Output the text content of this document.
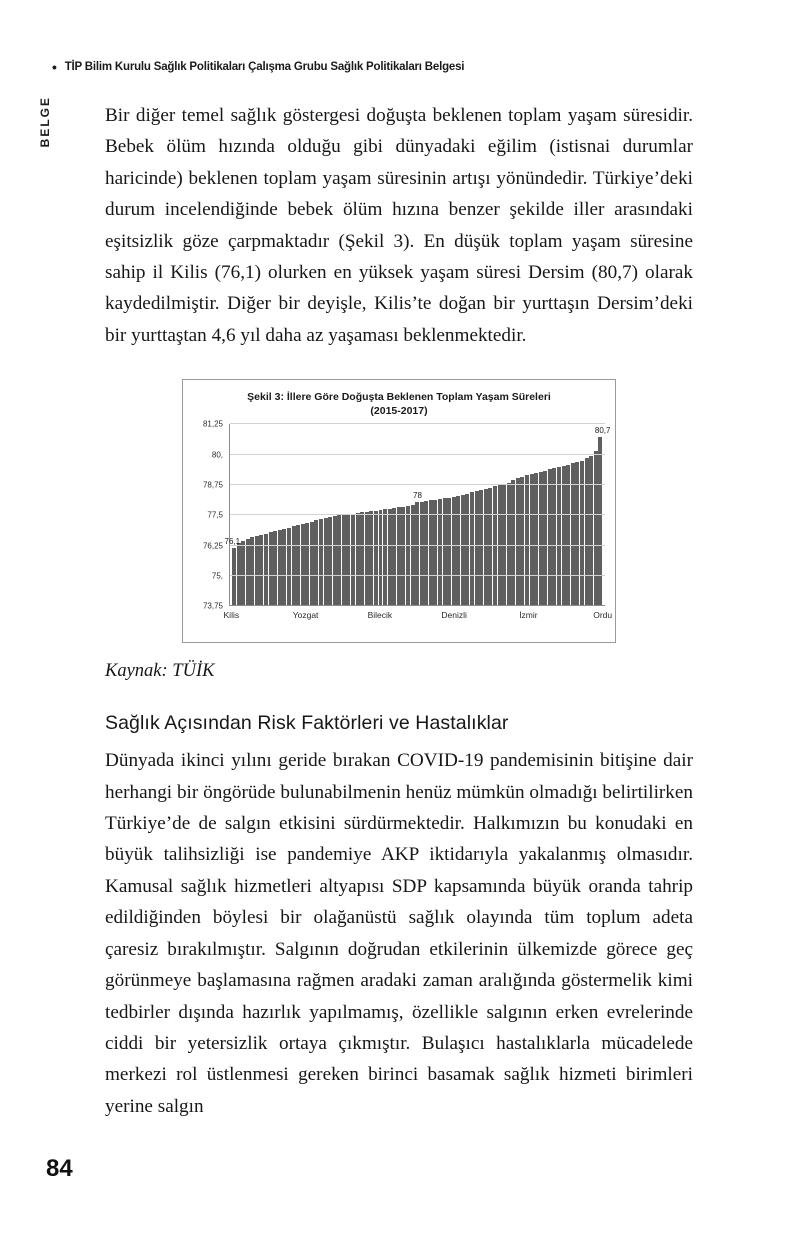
• TİP Bilim Kurulu Sağlık Politikaları Çalışma Grubu Sağlık Politikaları Belgesi
BELGE	Bir diğer temel sağlık göstergesi doğuşta beklenen toplam yaşam süresidir. Bebek ölüm hızında olduğu gibi dünyadaki eğilim (istisnai durumlar haricinde) beklenen toplam yaşam süresinin artışı yönündedir. Türkiye’deki durum incelendiğinde bebek ölüm hızına benzer şekilde iller arasındaki eşitsizlik göze çarpmaktadır (Şekil 3). En düşük toplam yaşam süresine sahip il Kilis (76,1) olurken en yüksek yaşam süresi Dersim (80,7) olarak kaydedilmiştir. Diğer bir deyişle, Kilis’te doğan bir yurttaşın Dersim’deki bir yurttaştan 4,6 yıl daha az yaşaması beklenmektedir.

Şekil 3: İllere Göre Doğuşta Beklenen Toplam Yaşam Süreleri
(2015-2017)
73,75
75,
76,25
77,5
78,75
80,
81,25
76,1
78
80,7
Kilis	Yozgat	Bilecik	Denizli	İzmir	Ordu

Kaynak: TÜİK

Sağlık Açısından Risk Faktörleri ve Hastalıklar

Dünyada ikinci yılını geride bırakan COVID-19 pandemisinin bitişine dair herhangi bir öngörüde bulunabilmenin henüz mümkün olmadığı belirtilirken Türkiye’de de salgın etkisini sürdürmektedir. Halkımızın bu konudaki en büyük talihsizliği ise pandemiye AKP iktidarıyla yakalanmış olmasıdır. Kamusal sağlık hizmetleri altyapısı SDP kapsamında büyük oranda tahrip edildiğinden böylesi bir olağanüstü sağlık olayında tüm toplum adeta çaresiz bırakılmıştır. Salgının doğrudan etkilerinin ülkemizde görece geç görünmeye başlamasına rağmen aradaki zaman aralığında göstermelik kimi tedbirler dışında hazırlık yapılmamış, özellikle salgının erken evrelerinde ciddi bir yetersizlik ortaya çıkmıştır. Bulaşıcı hastalıklarla mücadelede merkezi rol üstlenmesi gereken birinci basamak sağlık hizmeti birimleri yerine salgın

84
